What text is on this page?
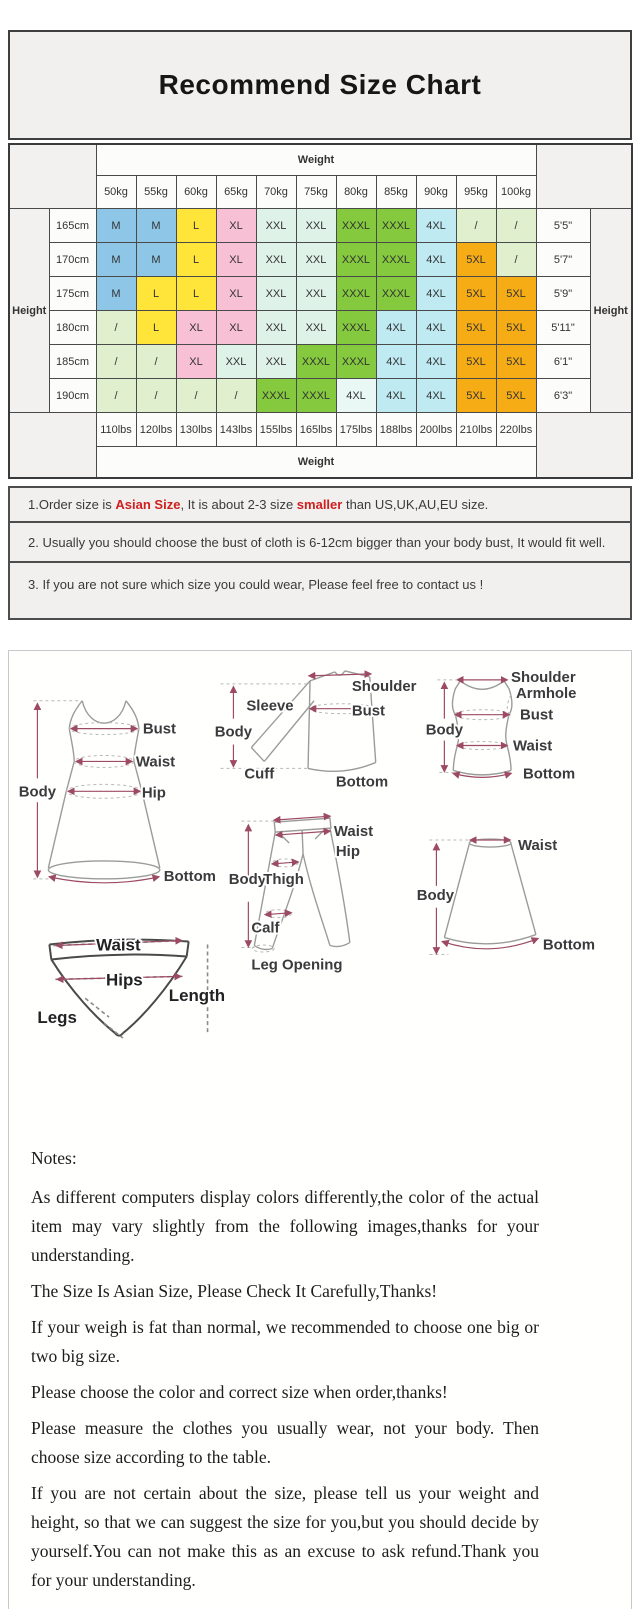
Recommend Size Chart
		Weight												
		50kg	55kg	60kg	65kg	70kg	75kg	80kg	85kg	90kg	95kg	100kg		
Height	165cm	M	M	L	XL	XXL	XXL	XXXL	XXXL	4XL	/	/	5'5"	Height
	170cm	M	M	L	XL	XXL	XXL	XXXL	XXXL	4XL	5XL	/	5'7"	
	175cm	M	L	L	XL	XXL	XXL	XXXL	XXXL	4XL	5XL	5XL	5'9"	
	180cm	/	L	XL	XL	XXL	XXL	XXXL	4XL	4XL	5XL	5XL	5'11"	
	185cm	/	/	XL	XXL	XXL	XXXL	XXXL	4XL	4XL	5XL	5XL	6'1"	
	190cm	/	/	/	/	XXXL	XXXL	4XL	4XL	4XL	5XL	5XL	6'3"	
		110lbs	120lbs	130lbs	143lbs	155lbs	165lbs	175lbs	188lbs	200lbs	210lbs	220lbs		
		Weight												
1.Order size is Asian Size, It is about 2-3 size smaller than US,UK,AU,EU size.
2. Usually you should choose the bust of cloth is 6-12cm bigger than your body bust, It would fit well.
3. If you are not sure which size you could wear, Please feel free to contact us !
Body
Bust
Waist
Hip
Bottom
Body
Sleeve
Cuff
Shoulder
Bust
Bottom
Body
Shoulder
Armhole
Bust
Waist
Bottom
Body
Waist
Hip
Thigh
Calf
Leg Opening
Body
Waist
Bottom
Waist
Hips
Legs
Length

Notes:

As different computers display colors differently,the color of the actual item may vary slightly from the following images,thanks for your understanding.

The Size Is Asian Size, Please Check It Carefully,Thanks!

If your weigh is fat than normal, we recommended to choose one big or two big size.

Please choose the color and correct size when order,thanks!

Please measure the clothes you usually wear, not your body. Then choose size according to the table.

If you are not certain about the size, please tell us your weight and height, so that we can suggest the size for you,but you should decide by yourself.You can not make this as an excuse to ask refund.Thank you for your understanding.
